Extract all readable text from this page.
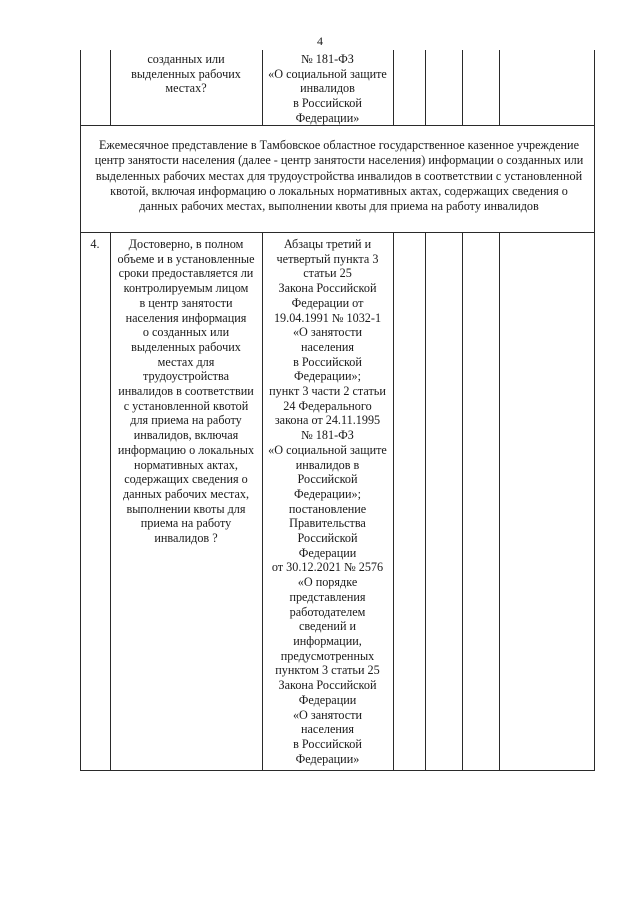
4
созданных или
выделенных рабочих
местах?
№ 181-ФЗ
«О социальной защите
инвалидов
в Российской
Федерации»
Ежемесячное представление в Тамбовское областное государственное казенное учреждение
центр занятости населения (далее - центр занятости населения) информации о созданных или
выделенных рабочих местах для трудоустройства инвалидов в соответствии с установленной
квотой, включая информацию о локальных нормативных актах, содержащих сведения о
данных рабочих местах, выполнении квоты для приема на работу инвалидов
4.	Достоверно, в полном
объеме и в установленные
сроки предоставляется ли
контролируемым лицом
в центр занятости
населения информация
о созданных или
выделенных рабочих
местах для
трудоустройства
инвалидов в соответствии
с установленной квотой
для приема на работу
инвалидов, включая
информацию о локальных
нормативных актах,
содержащих сведения о
данных рабочих местах,
выполнении квоты для
приема на работу
инвалидов ?
Абзацы третий и
четвертый пункта 3
статьи 25
Закона Российской
Федерации от
19.04.1991 № 1032-1
«О занятости
населения
в Российской
Федерации»;
пункт 3 части 2 статьи
24 Федерального
закона от 24.11.1995
№ 181-ФЗ
«О социальной защите
инвалидов в
Российской
Федерации»;
постановление
Правительства
Российской
Федерации
от 30.12.2021 № 2576
«О порядке
представления
работодателем
сведений и
информации,
предусмотренных
пунктом 3 статьи 25
Закона Российской
Федерации
«О занятости
населения
в Российской
Федерации»
